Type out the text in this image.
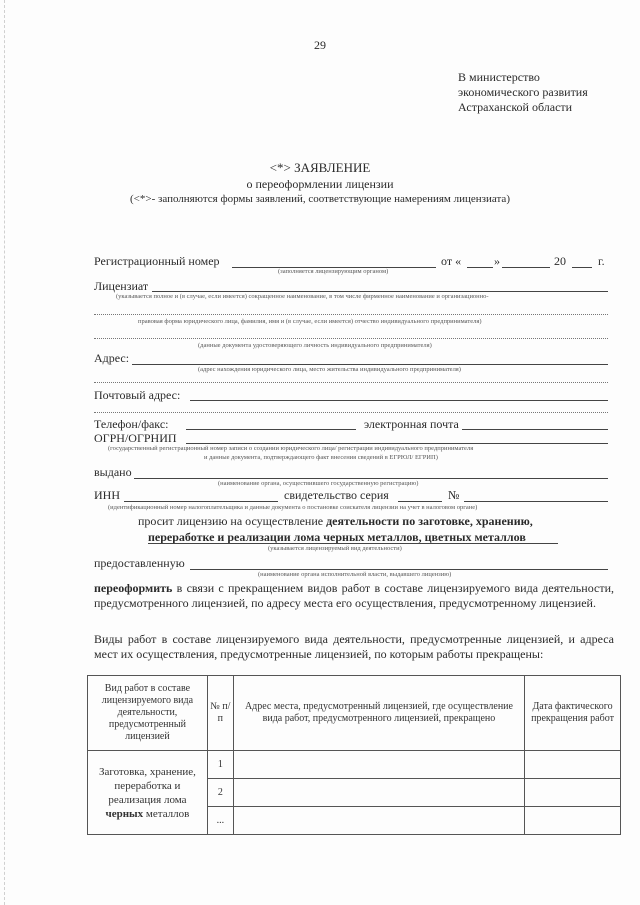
29
В министерство
экономического развития
Астраханской области
<*> ЗАЯВЛЕНИЕ
о переоформлении лицензии
(<*>- заполняются формы заявлений, соответствующие намерениям лицензиата)
Регистрационный номер	от «	»	20	г.
(заполняется лицензирующим органом)
Лицензиат
(указывается полное и (в случае, если имеется) сокращенное наименование, в том числе фирменное наименование и организационно-
правовая форма юридического лица, фамилия, имя и (в случае, если имеется) отчество индивидуального предпринимателя)
(данные документа удостоверяющего личность индивидуального предпринимателя)
Адрес:
(адрес нахождения юридического лица, место жительства индивидуального предпринимателя)
Почтовый адрес:
Телефон/факс:	электронная почта
ОГРН/ОГРНИП
(государственный регистрационный номер записи о создании юридического лица/ регистрации индивидуального предпринимателя
и данные документа, подтверждающего факт внесения сведений в ЕГРЮЛ/ ЕГРИП)
выдано
(наименование органа, осуществившего государственную регистрацию)
ИНН	свидетельство серия	№
(идентификационный номер налогоплательщика и данные документа о постановке соискателя лицензии на учет в налоговом органе)
просит лицензию на осуществление деятельности по заготовке, хранению,
переработке и реализации лома черных металлов, цветных металлов
(указывается лицензируемый вид деятельности)
предоставленную
(наименование органа исполнительной власти, выдавшего лицензию)
переоформить в связи с прекращением видов работ в составе лицензируемого вида деятельности, предусмотренного лицензией, по адресу места его осуществления, предусмотренному лицензией.
Виды работ в составе лицензируемого вида деятельности, предусмотренные лицензией, и адреса мест их осуществления, предусмотренные лицензией, по которым работы прекращены:
Вид работ в составе лицензируемого вида деятельности, предусмотренный лицензией	№ п/п	Адрес места, предусмотренный лицензией, где осуществление вида работ, предусмотренного лицензией, прекращено	Дата фактического прекращения работ
Заготовка, хранение, переработка и реализация лома черных металлов	1		
	2		
	...		
